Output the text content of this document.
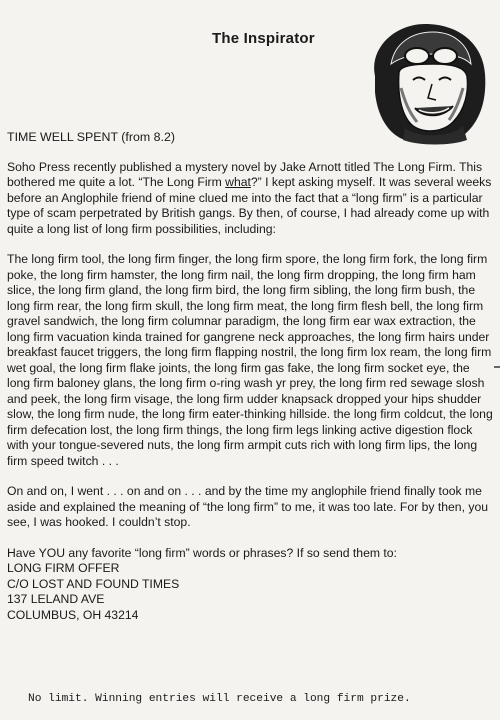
The Inspirator

TIME WELL SPENT (from 8.2)

Soho Press recently published a mystery novel by Jake Arnott titled The Long Firm. This bothered me quite a lot. “The Long Firm what?” I kept asking myself. It was several weeks before an Anglophile friend of mine clued me into the fact that a “long firm” is a particular type of scam perpetrated by British gangs. By then, of course, I had already come up with quite a long list of long firm possibilities, including:

The long firm tool, the long firm finger, the long firm spore, the long firm fork, the long firm poke, the long firm hamster, the long firm nail, the long firm dropping, the long firm ham slice, the long firm gland, the long firm bird, the long firm sibling, the long firm bush, the long firm rear, the long firm skull, the long firm meat, the long firm flesh bell, the long firm gravel sandwich, the long firm columnar paradigm, the long firm ear wax extraction, the long firm vacuation kinda trained for gangrene neck approaches, the long firm hairs under breakfast faucet triggers, the long firm flapping nostril, the long firm lox ream, the long firm wet goal, the long firm flake joints, the long firm gas fake, the long firm socket eye, the long firm baloney glans, the long firm o-ring wash yr prey, the long firm red sewage slosh and peek, the long firm visage, the long firm udder knapsack dropped your hips shudder slow, the long firm nude, the long firm eater-thinking hillside. the long firm coldcut, the long firm defecation lost, the long firm things, the long firm legs linking active digestion flock with your tongue-severed nuts, the long firm armpit cuts rich with long firm lips, the long firm speed twitch . . .

On and on, I went . . . on and on . . . and by the time my anglophile friend finally took me aside and explained the meaning of “the long firm” to me, it was too late. For by then, you see, I was hooked. I couldn’t stop.

Have YOU any favorite “long firm” words or phrases? If so send them to:
LONG FIRM OFFER
C/O LOST AND FOUND TIMES
137 LELAND AVE
COLUMBUS, OH 43214
No limit. Winning entries will receive a long firm prize.
